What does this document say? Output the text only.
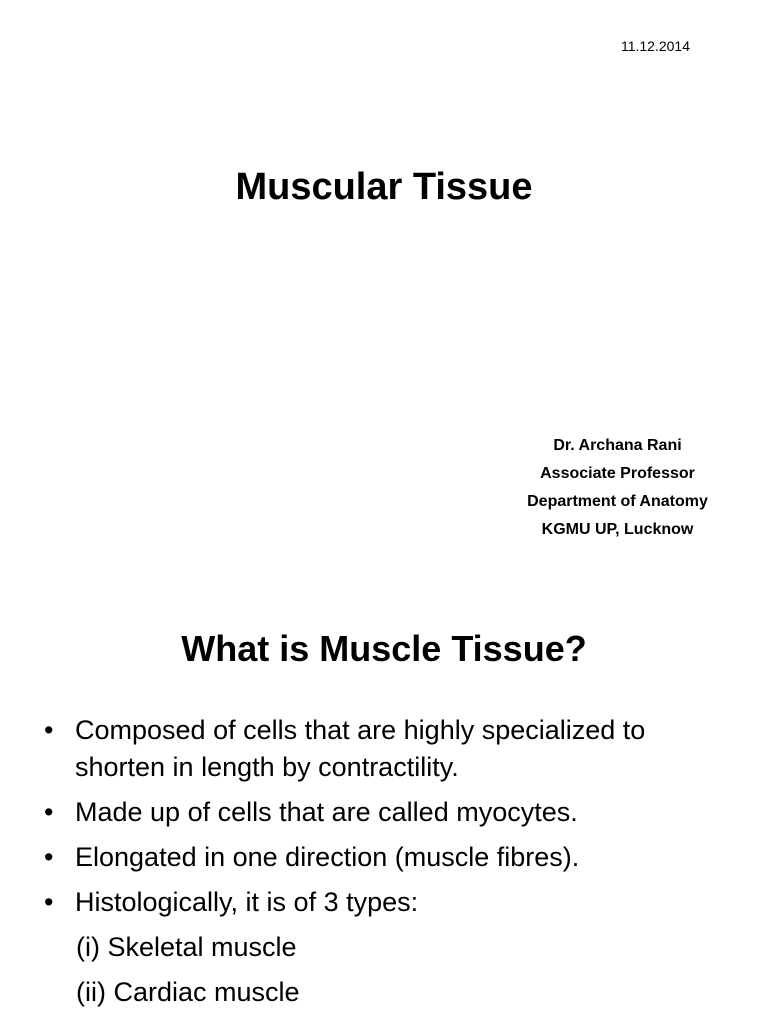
11.12.2014
Muscular Tissue
Dr. Archana Rani
Associate Professor
Department of Anatomy
KGMU UP, Lucknow
What is Muscle Tissue?
• Composed of cells that are highly specialized to shorten in length by contractility.
• Made up of cells that are called myocytes.
• Elongated in one direction (muscle fibres).
• Histologically, it is of 3 types:
(i) Skeletal muscle
(ii) Cardiac muscle
